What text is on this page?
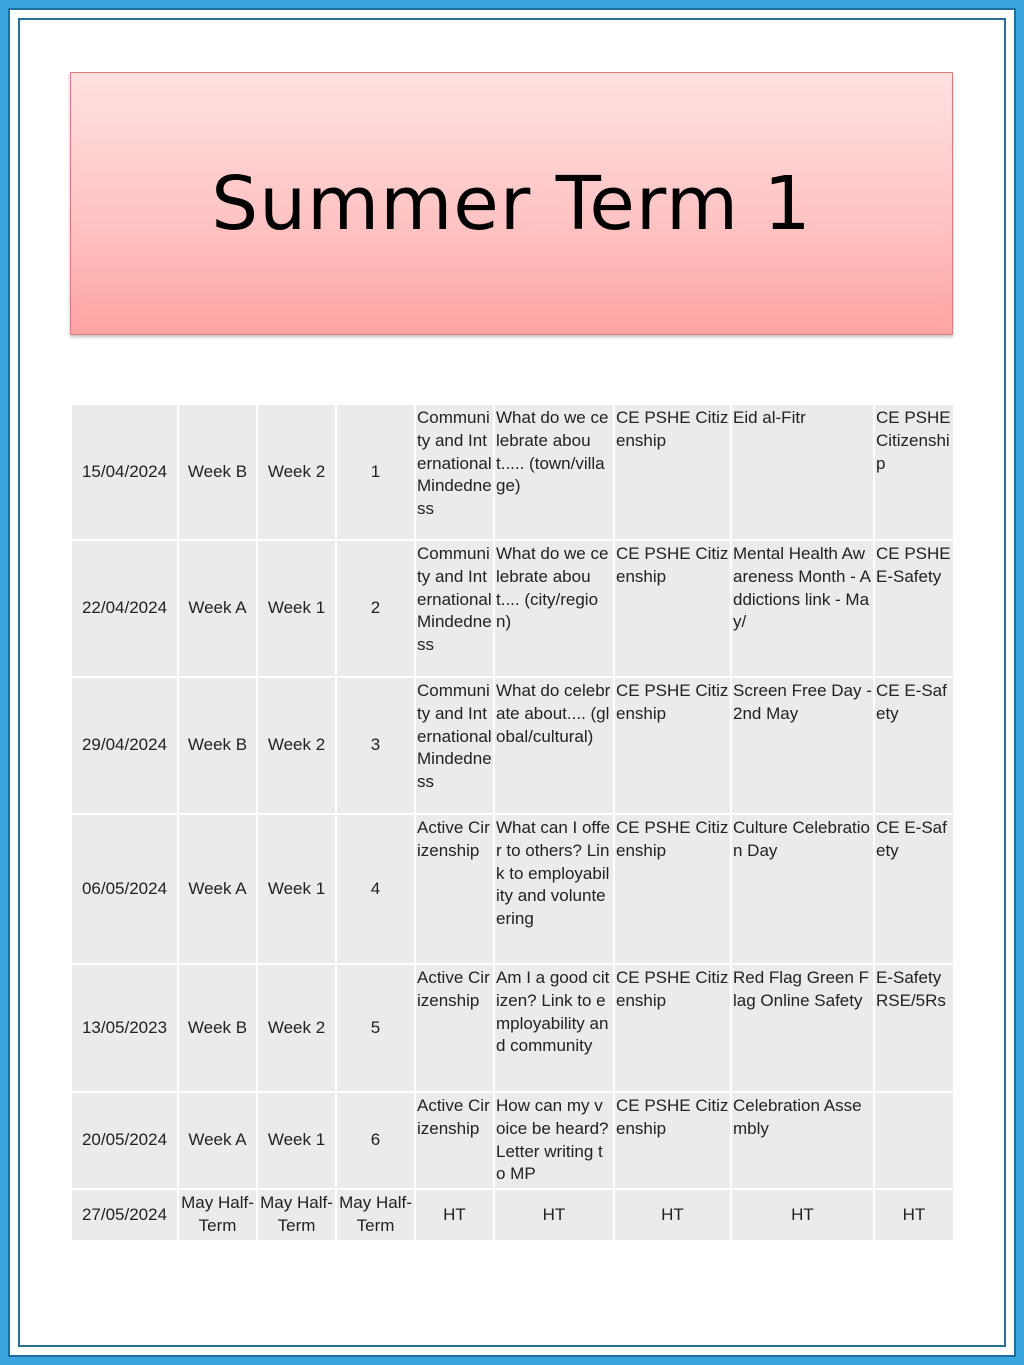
Summer Term 1
15/04/2024	Week B	Week 2	1	Community and International Mindedness	What do we celebrate about..... (town/village)	CE PSHE Citizenship	Eid al-Fitr	CE PSHE Citizenship
22/04/2024	Week A	Week 1	2	Community and International Mindedness	What do we celebrate about.... (city/region)	CE PSHE Citizenship	Mental Health Awareness Month - Addictions link - May/	CE PSHE E-Safety
29/04/2024	Week B	Week 2	3	Community and International Mindedness	What do celebrate about.... (global/cultural)	CE PSHE Citizenship	Screen Free Day - 2nd May	CE E-Safety
06/05/2024	Week A	Week 1	4	Active Cirizenship	What can I offer to others? Link to employability and volunteering	CE PSHE Citizenship	Culture Celebration Day	CE E-Safety
13/05/2023	Week B	Week 2	5	Active Cirizenship	Am I a good citizen? Link to employability and community	CE PSHE Citizenship	Red Flag Green Flag Online Safety	E-Safety RSE/5Rs
20/05/2024	Week A	Week 1	6	Active Cirizenship	How can my voice be heard? Letter writing to MP	CE PSHE Citizenship	Celebration Assembly	
27/05/2024	May Half-Term	May Half-Term	May Half-Term	HT	HT	HT	HT	HT
